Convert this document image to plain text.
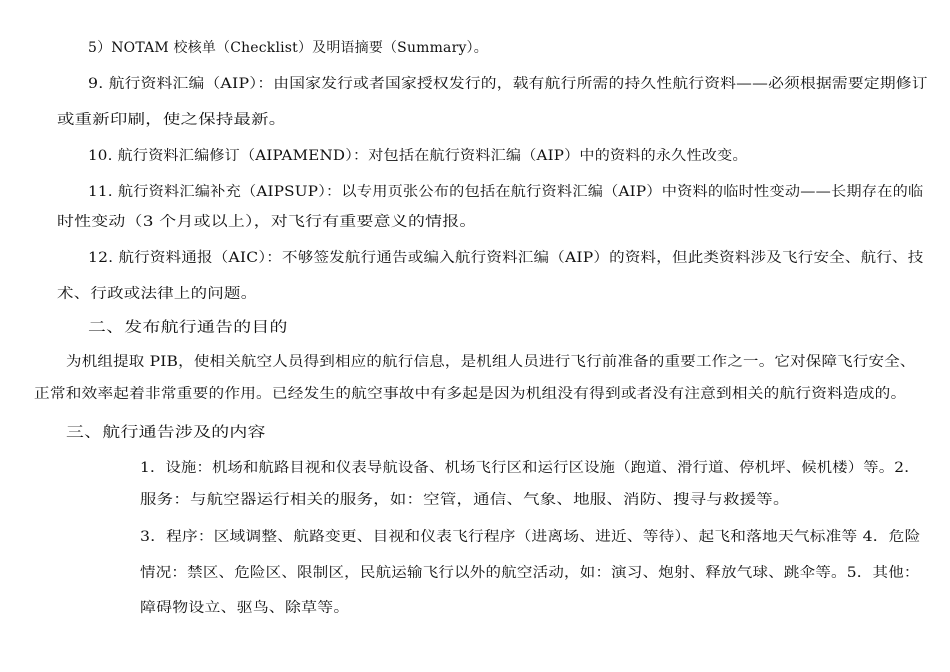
5）NOTAM 校核单（Checklist）及明语摘要（Summary）。
9. 航行资料汇编（AIP）：由国家发行或者国家授权发行的，载有航行所需的持久性航行资料——必须根据需要定期修订
或重新印刷，使之保持最新。
10. 航行资料汇编修订（AIPAMEND）：对包括在航行资料汇编（AIP）中的资料的永久性改变。
11. 航行资料汇编补充（AIPSUP）：以专用页张公布的包括在航行资料汇编（AIP）中资料的临时性变动——长期存在的临
时性变动（3 个月或以上），对飞行有重要意义的情报。
12. 航行资料通报（AIC）：不够签发航行通告或编入航行资料汇编（AIP）的资料，但此类资料涉及飞行安全、航行、技
术、行政或法律上的问题。
二、发布航行通告的目的
为机组提取 PIB，使相关航空人员得到相应的航行信息，是机组人员进行飞行前准备的重要工作之一。它对保障飞行安全、
正常和效率起着非常重要的作用。已经发生的航空事故中有多起是因为机组没有得到或者没有注意到相关的航行资料造成的。
三、航行通告涉及的内容
1．设施：机场和航路目视和仪表导航设备、机场飞行区和运行区设施（跑道、滑行道、停机坪、候机楼）等。2．
服务：与航空器运行相关的服务，如：空管，通信、气象、地服、消防、搜寻与救援等。
3．程序：区域调整、航路变更、目视和仪表飞行程序（进离场、进近、等待）、起飞和落地天气标准等 4．危险
情况：禁区、危险区、限制区，民航运输飞行以外的航空活动，如：演习、炮射、释放气球、跳伞等。5．其他：
障碍物设立、驱鸟、除草等。
